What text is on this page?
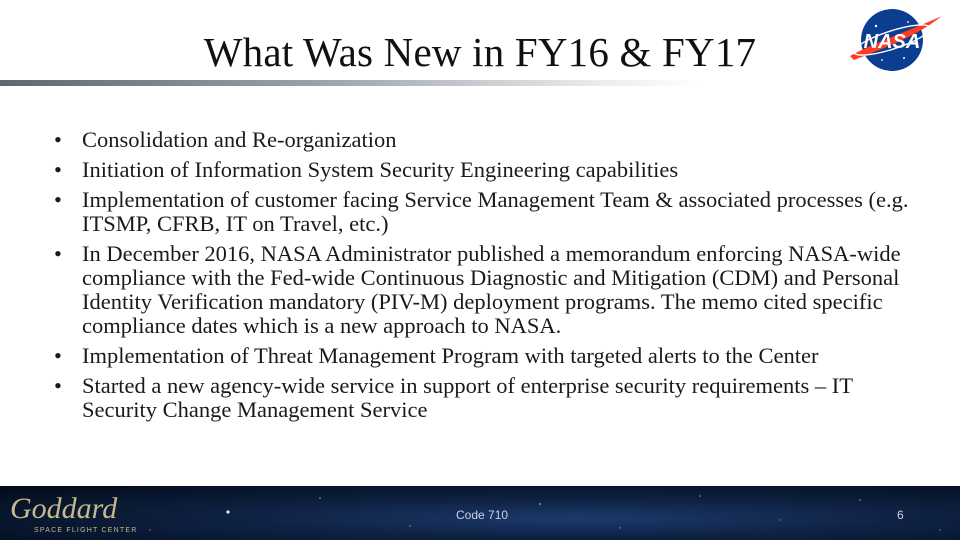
What Was New in FY16 & FY17	NASA
• Consolidation and Re-organization
• Initiation of Information System Security Engineering capabilities
• Implementation of customer facing Service Management Team & associated processes (e.g. ITSMP, CFRB, IT on Travel, etc.)
• In December 2016, NASA Administrator published a memorandum enforcing NASA-wide compliance with the Fed-wide Continuous Diagnostic and Mitigation (CDM) and Personal Identity Verification mandatory (PIV-M) deployment programs. The memo cited specific compliance dates which is a new approach to NASA.
• Implementation of Threat Management Program with targeted alerts to the Center
• Started a new agency-wide service in support of enterprise security requirements – IT Security Change Management Service
Goddard
SPACE FLIGHT CENTER
Code 710	6
